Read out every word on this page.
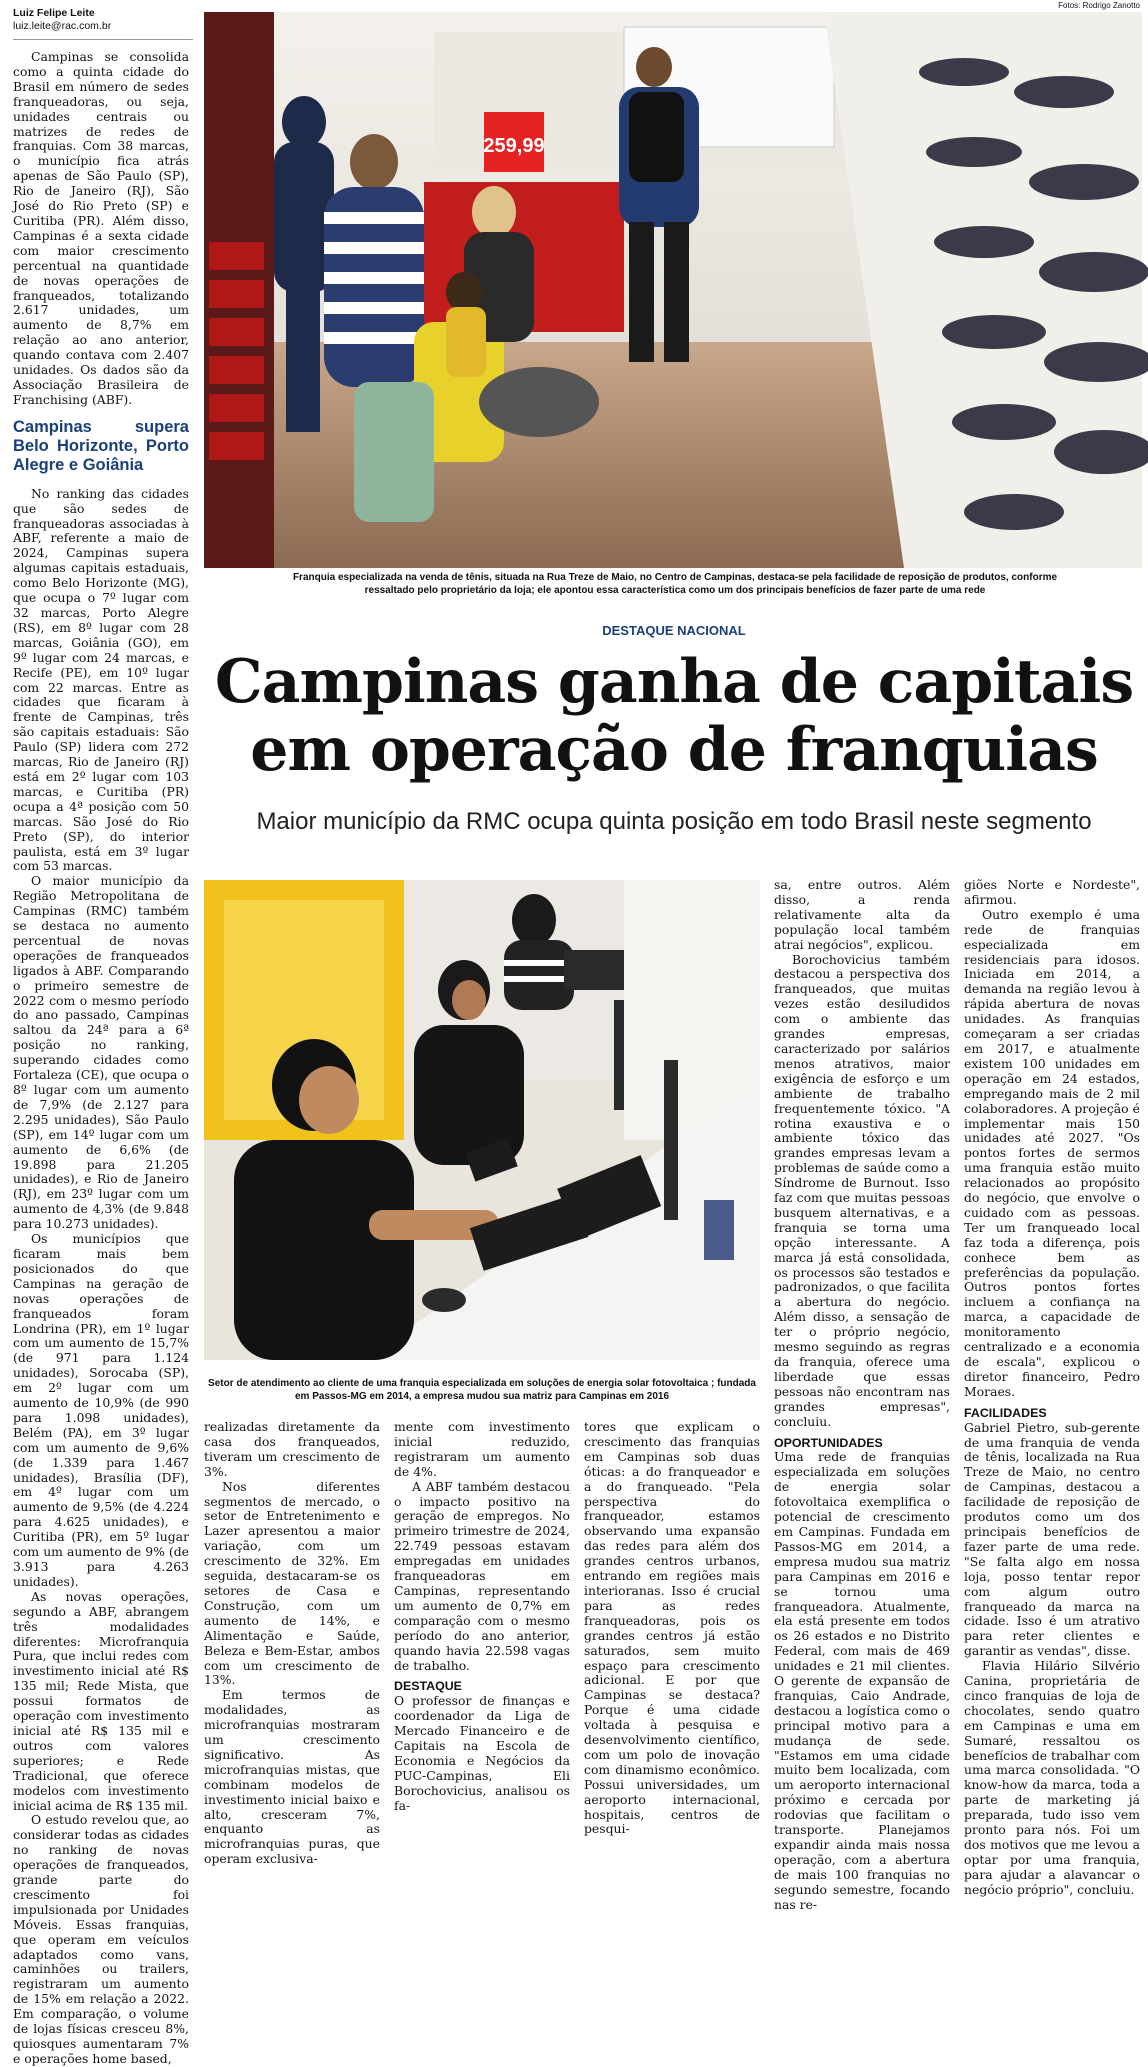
Luiz Felipe Leite
luiz.leite@rac.com.br
Fotos: Rodrigo Zanotto

Campinas se consolida como a quinta cidade do Brasil em número de sedes franqueadoras, ou seja, unidades centrais ou matrizes de redes de franquias. Com 38 marcas, o município fica atrás apenas de São Paulo (SP), Rio de Janeiro (RJ), São José do Rio Preto (SP) e Curitiba (PR). Além disso, Campinas é a sexta cidade com maior crescimento percentual na quantidade de novas operações de franqueados, totalizando 2.617 unidades, um aumento de 8,7% em relação ao ano anterior, quando contava com 2.407 unidades. Os dados são da Associação Brasileira de Franchising (ABF).

Campinas supera Belo Horizonte, Porto Alegre e Goiânia

No ranking das cidades que são sedes de franqueadoras associadas à ABF, referente a maio de 2024, Campinas supera algumas capitais estaduais, como Belo Horizonte (MG), que ocupa o 7º lugar com 32 marcas, Porto Alegre (RS), em 8º lugar com 28 marcas, Goiânia (GO), em 9º lugar com 24 marcas, e Recife (PE), em 10º lugar com 22 marcas. Entre as cidades que ficaram à frente de Campinas, três são capitais estaduais: São Paulo (SP) lidera com 272 marcas, Rio de Janeiro (RJ) está em 2º lugar com 103 marcas, e Curitiba (PR) ocupa a 4ª posição com 50 marcas. São José do Rio Preto (SP), do interior paulista, está em 3º lugar com 53 marcas.

O maior município da Região Metropolitana de Campinas (RMC) também se destaca no aumento percentual de novas operações de franqueados ligados à ABF. Comparando o primeiro semestre de 2022 com o mesmo período do ano passado, Campinas saltou da 24ª para a 6ª posição no ranking, superando cidades como Fortaleza (CE), que ocupa o 8º lugar com um aumento de 7,9% (de 2.127 para 2.295 unidades), São Paulo (SP), em 14º lugar com um aumento de 6,6% (de 19.898 para 21.205 unidades), e Rio de Janeiro (RJ), em 23º lugar com um aumento de 4,3% (de 9.848 para 10.273 unidades).

Os municípios que ficaram mais bem posicionados do que Campinas na geração de novas operações de franqueados foram Londrina (PR), em 1º lugar com um aumento de 15,7% (de 971 para 1.124 unidades), Sorocaba (SP), em 2º lugar com um aumento de 10,9% (de 990 para 1.098 unidades), Belém (PA), em 3º lugar com um aumento de 9,6% (de 1.339 para 1.467 unidades), Brasília (DF), em 4º lugar com um aumento de 9,5% (de 4.224 para 4.625 unidades), e Curitiba (PR), em 5º lugar com um aumento de 9% (de 3.913 para 4.263 unidades).

As novas operações, segundo a ABF, abrangem três modalidades diferentes: Microfranquia Pura, que inclui redes com investimento inicial até R$ 135 mil; Rede Mista, que possui formatos de operação com investimento inicial até R$ 135 mil e outros com valores superiores; e Rede Tradicional, que oferece modelos com investimento inicial acima de R$ 135 mil.

O estudo revelou que, ao considerar todas as cidades no ranking de novas operações de franqueados, grande parte do crescimento foi impulsionada por Unidades Móveis. Essas franquias, que operam em veículos adaptados como vans, caminhões ou trailers, registraram um aumento de 15% em relação a 2022. Em comparação, o volume de lojas físicas cresceu 8%, quiosques aumentaram 7% e operações home based,

259,99
Franquia especializada na venda de tênis, situada na Rua Treze de Maio, no Centro de Campinas, destaca-se pela facilidade de reposição de produtos, conforme ressaltado pelo proprietário da loja; ele apontou essa característica como um dos principais benefícios de fazer parte de uma rede
DESTAQUE NACIONAL
Campinas ganha de capitais em operação de franquias
Maior município da RMC ocupa quinta posição em todo Brasil neste segmento
Setor de atendimento ao cliente de uma franquia especializada em soluções de energia solar fotovoltaica ; fundada em Passos-MG em 2014, a empresa mudou sua matriz para Campinas em 2016

realizadas diretamente da casa dos franqueados, tiveram um crescimento de 3%.

Nos diferentes segmentos de mercado, o setor de Entretenimento e Lazer apresentou a maior variação, com um crescimento de 32%. Em seguida, destacaram-se os setores de Casa e Construção, com um aumento de 14%, e Alimentação e Saúde, Beleza e Bem-Estar, ambos com um crescimento de 13%.

Em termos de modalidades, as microfranquias mostraram um crescimento significativo. As microfranquias mistas, que combinam modelos de investimento inicial baixo e alto, cresceram 7%, enquanto as microfranquias puras, que operam exclusiva-

mente com investimento inicial reduzido, registraram um aumento de 4%.

A ABF também destacou o impacto positivo na geração de empregos. No primeiro trimestre de 2024, 22.749 pessoas estavam empregadas em unidades franqueadoras em Campinas, representando um aumento de 0,7% em comparação com o mesmo período do ano anterior, quando havia 22.598 vagas de trabalho.

DESTAQUE

O professor de finanças e coordenador da Liga de Mercado Financeiro e de Capitais na Escola de Economia e Negócios da PUC-Campinas, Eli Borochovicius, analisou os fa-

tores que explicam o crescimento das franquias em Campinas sob duas óticas: a do franqueador e a do franqueado. "Pela perspectiva do franqueador, estamos observando uma expansão das redes para além dos grandes centros urbanos, entrando em regiões mais interioranas. Isso é crucial para as redes franqueadoras, pois os grandes centros já estão saturados, sem muito espaço para crescimento adicional. E por que Campinas se destaca? Porque é uma cidade voltada à pesquisa e desenvolvimento científico, com um polo de inovação com dinamismo econômico. Possui universidades, um aeroporto internacional, hospitais, centros de pesqui-

sa, entre outros. Além disso, a renda relativamente alta da população local também atrai negócios", explicou.

Borochovicius também destacou a perspectiva dos franqueados, que muitas vezes estão desiludidos com o ambiente das grandes empresas, caracterizado por salários menos atrativos, maior exigência de esforço e um ambiente de trabalho frequentemente tóxico. "A rotina exaustiva e o ambiente tóxico das grandes empresas levam a problemas de saúde como a Síndrome de Burnout. Isso faz com que muitas pessoas busquem alternativas, e a franquia se torna uma opção interessante. A marca já está consolidada, os processos são testados e padronizados, o que facilita a abertura do negócio. Além disso, a sensação de ter o próprio negócio, mesmo seguindo as regras da franquia, oferece uma liberdade que essas pessoas não encontram nas grandes empresas", concluiu.

OPORTUNIDADES

Uma rede de franquias especializada em soluções de energia solar fotovoltaica exemplifica o potencial de crescimento em Campinas. Fundada em Passos-MG em 2014, a empresa mudou sua matriz para Campinas em 2016 e se tornou uma franqueadora. Atualmente, ela está presente em todos os 26 estados e no Distrito Federal, com mais de 469 unidades e 21 mil clientes. O gerente de expansão de franquias, Caio Andrade, destacou a logística como o principal motivo para a mudança de sede. "Estamos em uma cidade muito bem localizada, com um aeroporto internacional próximo e cercada por rodovias que facilitam o transporte. Planejamos expandir ainda mais nossa operação, com a abertura de mais 100 franquias no segundo semestre, focando nas re-

giões Norte e Nordeste", afirmou.

Outro exemplo é uma rede de franquias especializada em residenciais para idosos. Iniciada em 2014, a demanda na região levou à rápida abertura de novas unidades. As franquias começaram a ser criadas em 2017, e atualmente existem 100 unidades em operação em 24 estados, empregando mais de 2 mil colaboradores. A projeção é implementar mais 150 unidades até 2027. "Os pontos fortes de sermos uma franquia estão muito relacionados ao propósito do negócio, que envolve o cuidado com as pessoas. Ter um franqueado local faz toda a diferença, pois conhece bem as preferências da população. Outros pontos fortes incluem a confiança na marca, a capacidade de monitoramento centralizado e a economia de escala", explicou o diretor financeiro, Pedro Moraes.

FACILIDADES

Gabriel Pietro, sub-gerente de uma franquia de venda de tênis, localizada na Rua Treze de Maio, no centro de Campinas, destacou a facilidade de reposição de produtos como um dos principais benefícios de fazer parte de uma rede. "Se falta algo em nossa loja, posso tentar repor com algum outro franqueado da marca na cidade. Isso é um atrativo para reter clientes e garantir as vendas", disse.

Flavia Hilário Silvério Canina, proprietária de cinco franquias de loja de chocolates, sendo quatro em Campinas e uma em Sumaré, ressaltou os benefícios de trabalhar com uma marca consolidada. "O know-how da marca, toda a parte de marketing já preparada, tudo isso vem pronto para nós. Foi um dos motivos que me levou a optar por uma franquia, para ajudar a alavancar o negócio próprio", concluiu.
